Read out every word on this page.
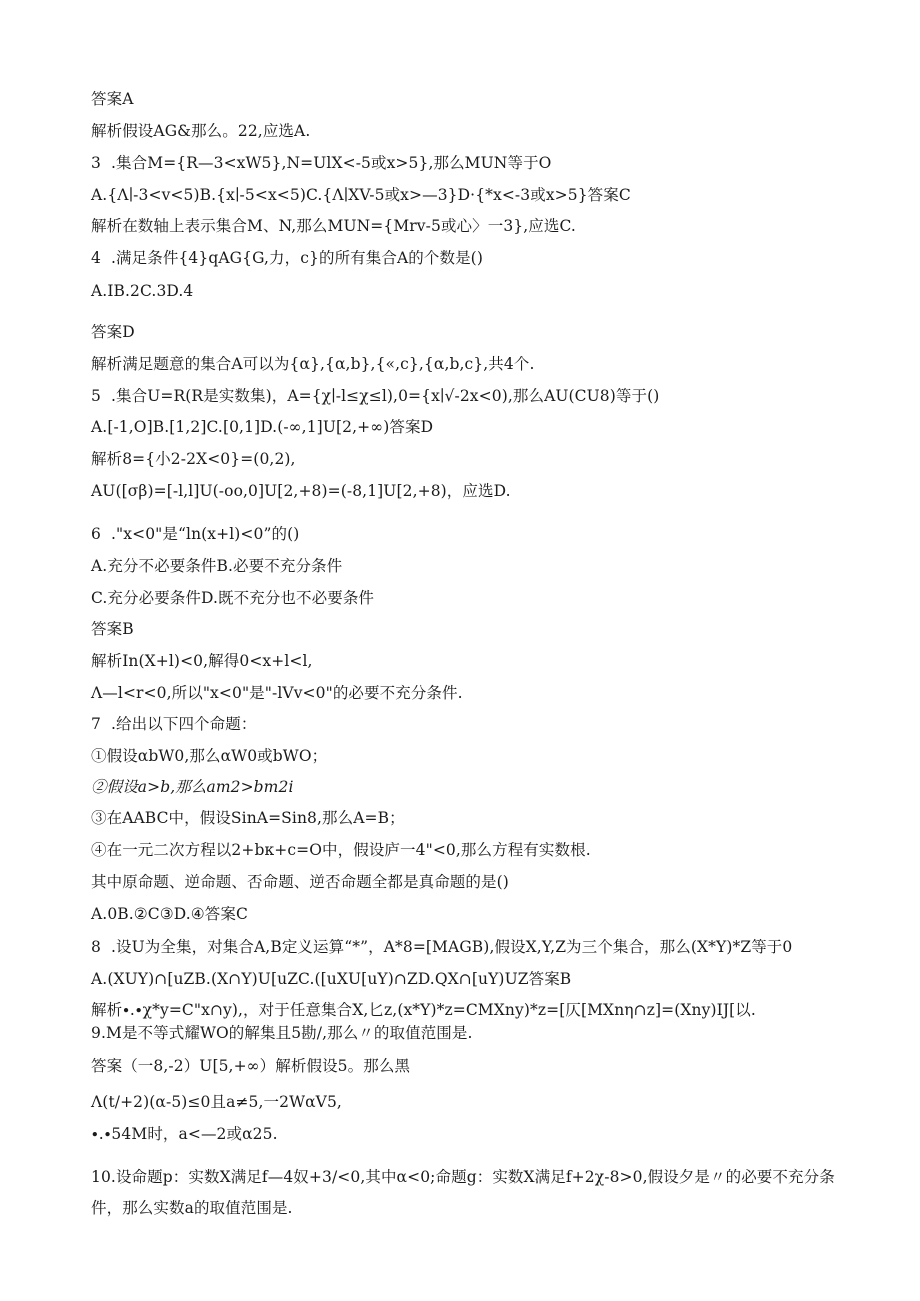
答案A
解析假设AG&那么。22,应选A.
3  .集合M={R—3<xW5},N=UlX<-5或x>5},那么MUN等于O
A.{Λ∣-3<v<5)B.{x∣-5<x<5)C.{Λ∣XV-5或x>—3}D·{*x<-3或x>5}答案C
解析在数轴上表示集合M、N,那么MUN={Mrv-5或心〉一3},应选C.
4  .满足条件{4}qAG{G,力，c}的所有集合A的个数是()
A.IB.2C.3D.4
答案D
解析满足题意的集合A可以为{α},{α,b},{«,c},{α,b,c},共4个.
5  .集合U=R(R是实数集)，A={χ∣-l≤χ≤l),0={x∣√-2x<0),那么AU(CU8)等于()
A.[-1,O]B.[1,2]C.[0,1]D.(-∞,1]U[2,+∞)答案D
解析8={小2-2X<0}=(0,2),
AU([σβ)=[-l,l]U(-oo,0]U[2,+8)=(-8,1]U[2,+8)，应选D.
6  ."x<0"是“ln(x+l)<0”的()
A.充分不必要条件B.必要不充分条件
C.充分必要条件D.既不充分也不必要条件
答案B
解析In(X+l)<0,解得0<x+l<l,
Λ—l<r<0,所以"x<0"是"-lVv<0"的必要不充分条件.
7  .给出以下四个命题：
①假设αbW0,那么αW0或bWO；
②假设a>b,那么am2>bm2i
③在AABC中，假设SinA=Sin8,那么A=B；
④在一元二次方程以2+bκ+c=O中，假设庐一4"<0,那么方程有实数根.
其中原命题、逆命题、否命题、逆否命题全都是真命题的是()
A.0B.②C③D.④答案C
8  .设U为全集，对集合A,B定义运算“*”，A*8=[MAGB),假设X,Y,Z为三个集合，那么(X*Y)*Z等于0
A.(XUY)∩[uZB.(X∩Y)U[uZC.([uXU[uY)∩ZD.QX∩[uY)UZ答案B
解析∙.∙χ*y=C"x∩y),，对于任意集合X,匕z,(x*Y)*z=CMXny)*z=[仄[MXnη∩z]=(Xny)IJ[以.
9.M是不等式耀WO的解集且5勘/,那么〃的取值范围是.
答案（一8,-2）U[5,+∞）解析假设5。那么黑
Λ(t/+2)(α-5)≤0且a≠5,一2WαV5,
∙.∙54M时，a<—2或α25.
10.设命题p：实数X满足f—4奴+3/<0,其中α<0;命题g：实数X满足f+2χ-8>0,假设夕是〃的必要不充分条
件，那么实数a的取值范围是.
